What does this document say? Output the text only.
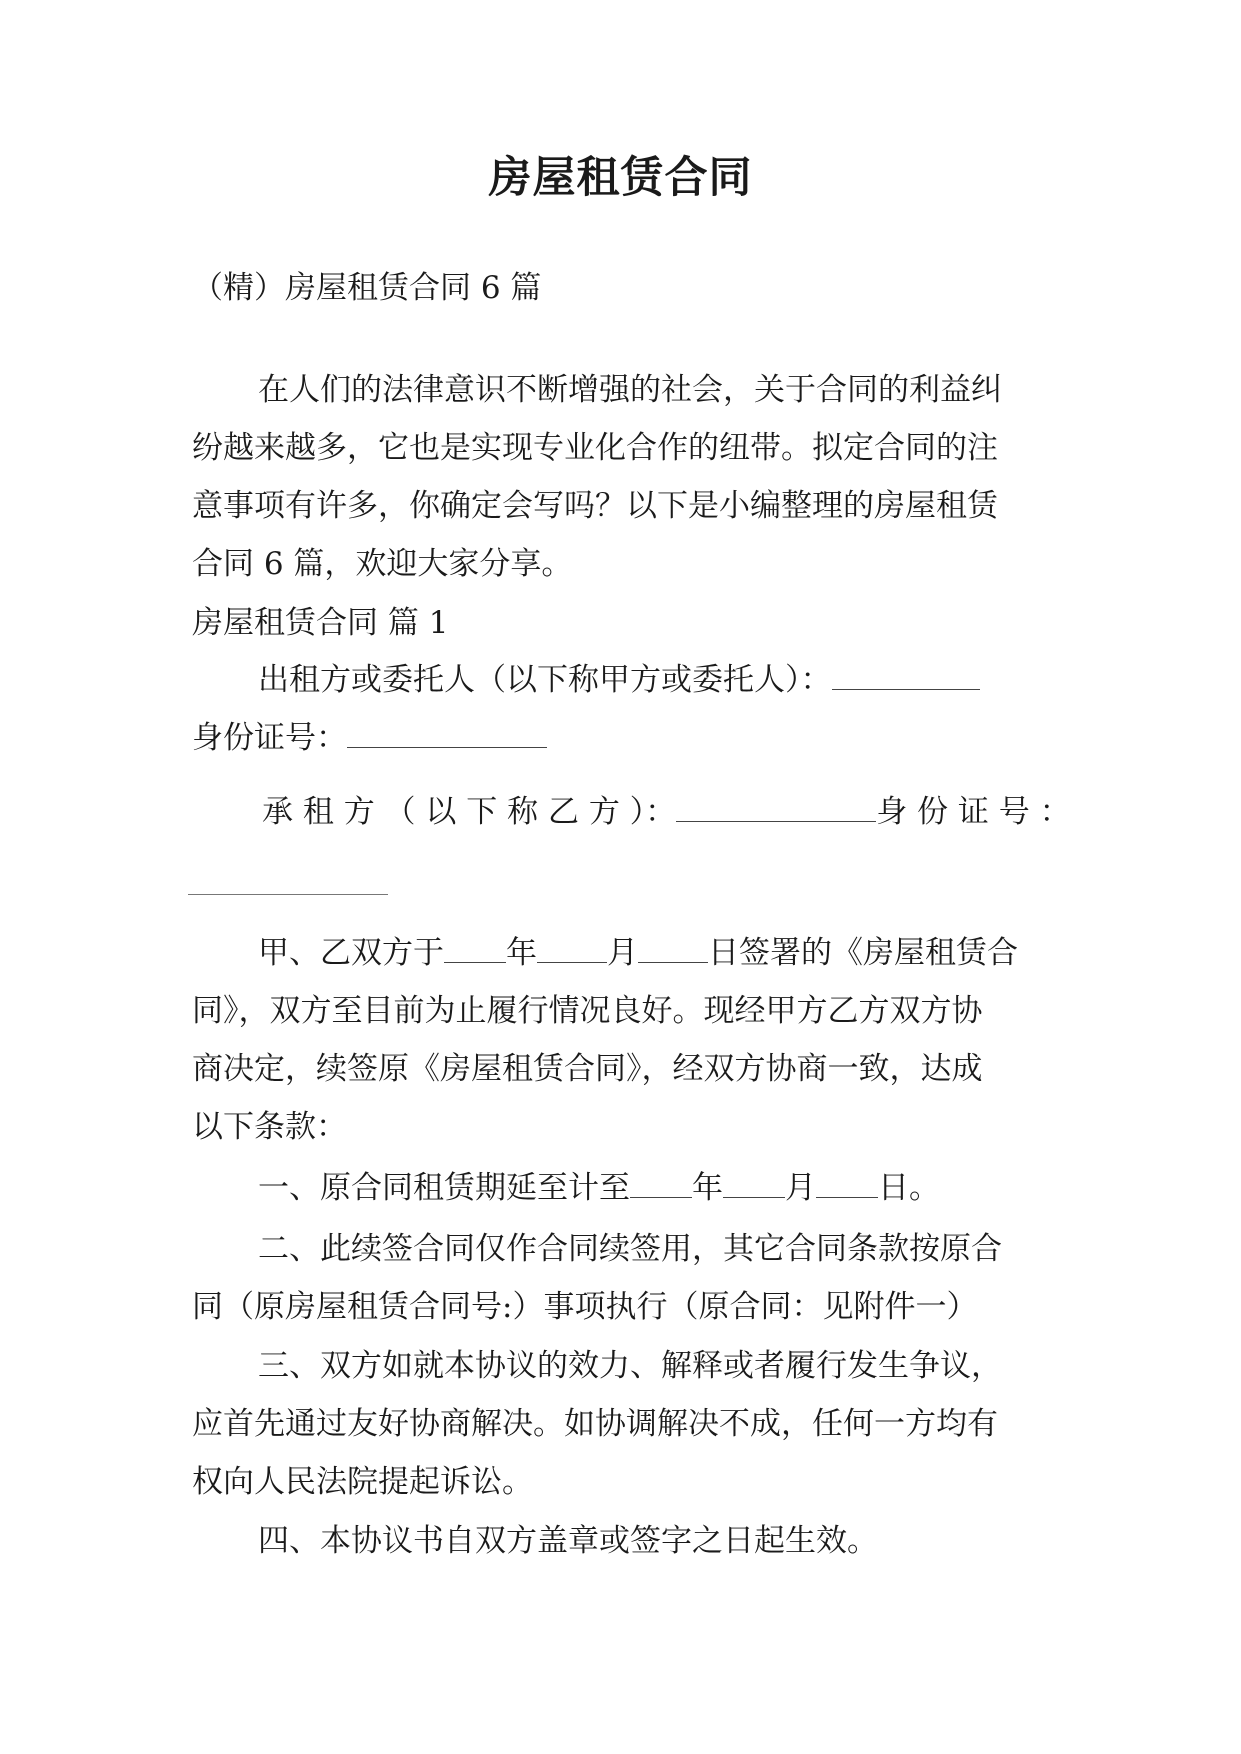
房屋租赁合同
（精）房屋租赁合同 6 篇
在人们的法律意识不断增强的社会，关于合同的利益纠
纷越来越多，它也是实现专业化合作的纽带。拟定合同的注
意事项有许多，你确定会写吗？以下是小编整理的房屋租赁
合同 6 篇，欢迎大家分享。
房屋租赁合同 篇 1
出租方或委托人（以下称甲方或委托人）：
身份证号：
承 租 方 （ 以 下 称 乙 方 ）：	身 份 证 号 ：
甲、乙双方于 年 月 日签署的《房屋租赁合
同》，双方至目前为止履行情况良好。现经甲方乙方双方协
商决定，续签原《房屋租赁合同》，经双方协商一致，达成
以下条款：
一、原合同租赁期延至计至 年 月 日。
二、此续签合同仅作合同续签用，其它合同条款按原合
同（原房屋租赁合同号:）事项执行（原合同：见附件一）
三、双方如就本协议的效力、解释或者履行发生争议，
应首先通过友好协商解决。如协调解决不成，任何一方均有
权向人民法院提起诉讼。
四、本协议书自双方盖章或签字之日起生效。
